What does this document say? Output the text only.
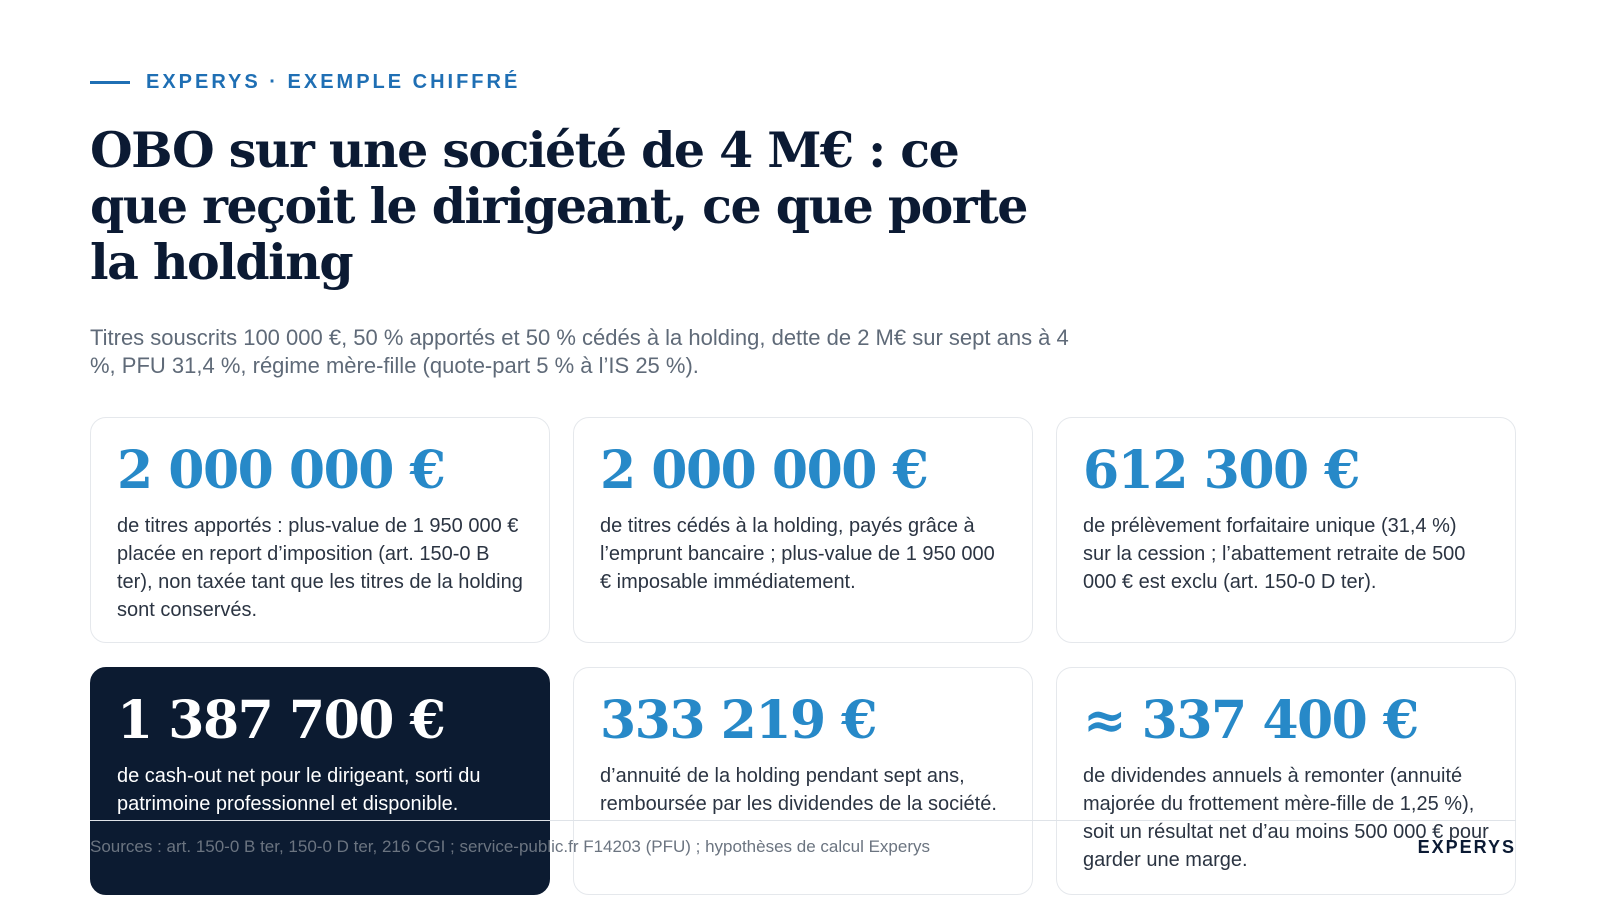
EXPERYS · EXEMPLE CHIFFRÉ
OBO sur une société de 4 M€ : ce que reçoit le dirigeant, ce que porte la holding

Titres souscrits 100 000 €, 50 % apportés et 50 % cédés à la holding, dette de 2 M€ sur sept ans à 4 %, PFU 31,4 %, régime mère-fille (quote-part 5 % à l’IS 25 %).

2 000 000 €
de titres apportés : plus-value de 1 950 000 € placée en report d’imposition (art. 150-0 B ter), non taxée tant que les titres de la holding sont conservés.
2 000 000 €
de titres cédés à la holding, payés grâce à l’emprunt bancaire ; plus-value de 1 950 000 € imposable immédiatement.
612 300 €
de prélèvement forfaitaire unique (31,4 %) sur la cession ; l’abattement retraite de 500 000 € est exclu (art. 150-0 D ter).
1 387 700 €
de cash-out net pour le dirigeant, sorti du patrimoine professionnel et disponible.
333 219 €
d’annuité de la holding pendant sept ans, remboursée par les dividendes de la société.
≈ 337 400 €
de dividendes annuels à remonter (annuité majorée du frottement mère-fille de 1,25 %), soit un résultat net d’au moins 500 000 € pour garder une marge.
Sources : art. 150-0 B ter, 150-0 D ter, 216 CGI ; service-public.fr F14203 (PFU) ; hypothèses de calcul Experys	EXPERYS
